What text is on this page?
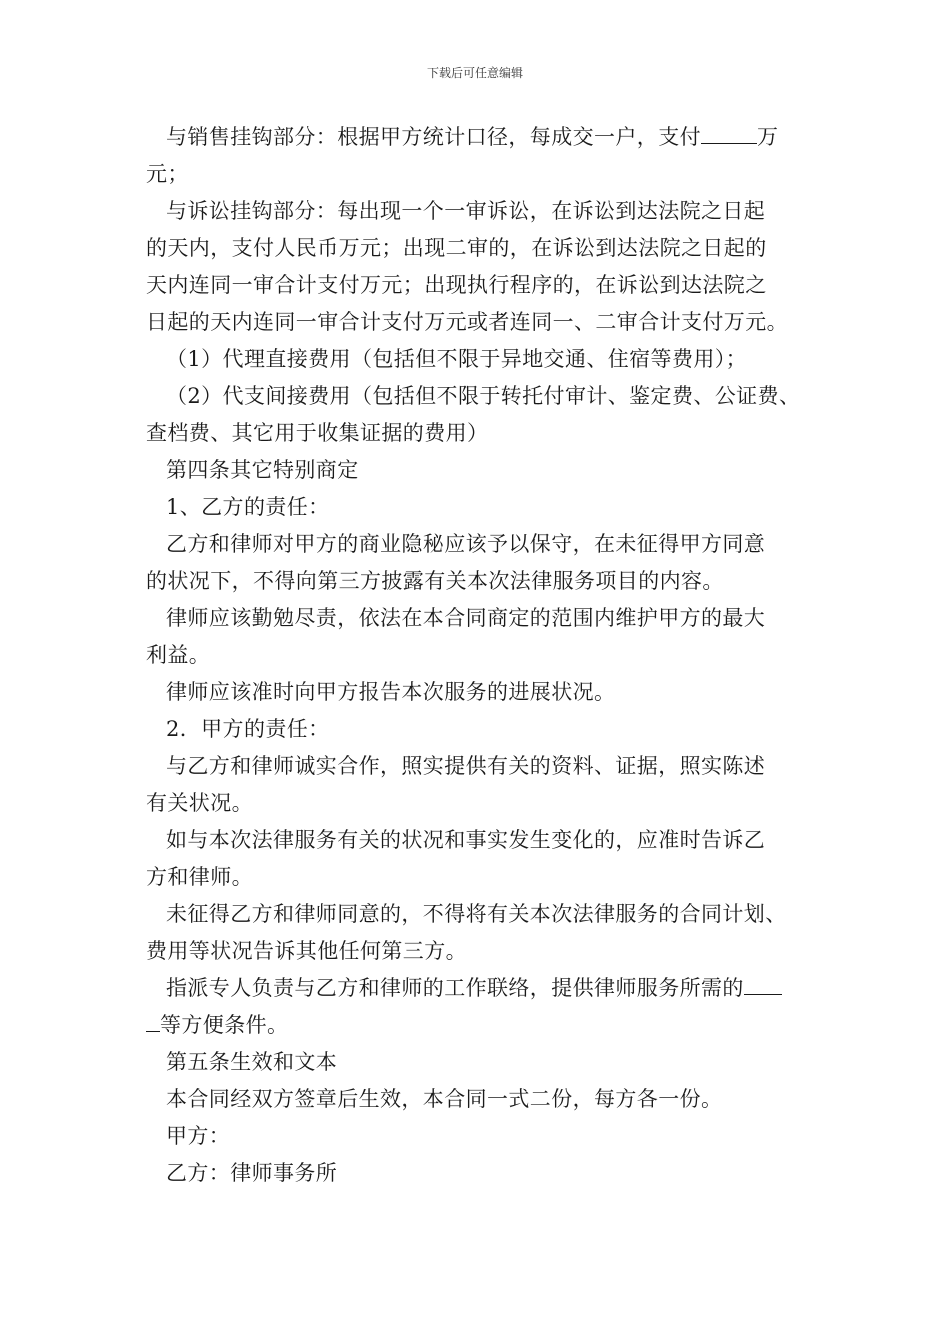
下载后可任意编辑
与销售挂钩部分：根据甲方统计口径，每成交一户，支付	万
元；
与诉讼挂钩部分：每出现一个一审诉讼，在诉讼到达法院之日起
的天内，支付人民币万元；出现二审的，在诉讼到达法院之日起的
天内连同一审合计支付万元；出现执行程序的，在诉讼到达法院之
日起的天内连同一审合计支付万元或者连同一、二审合计支付万元。
（1）代理直接费用（包括但不限于异地交通、住宿等费用）；
（2）代支间接费用（包括但不限于转托付审计、鉴定费、公证费、
查档费、其它用于收集证据的费用）
第四条其它特别商定
1、乙方的责任：
乙方和律师对甲方的商业隐秘应该予以保守，在未征得甲方同意
的状况下，不得向第三方披露有关本次法律服务项目的内容。
律师应该勤勉尽责，依法在本合同商定的范围内维护甲方的最大
利益。
律师应该准时向甲方报告本次服务的进展状况。
2．甲方的责任：
与乙方和律师诚实合作，照实提供有关的资料、证据，照实陈述
有关状况。
如与本次法律服务有关的状况和事实发生变化的，应准时告诉乙
方和律师。
未征得乙方和律师同意的，不得将有关本次法律服务的合同计划、
费用等状况告诉其他任何第三方。
指派专人负责与乙方和律师的工作联络，提供律师服务所需的
等方便条件。
第五条生效和文本
本合同经双方签章后生效，本合同一式二份，每方各一份。
甲方：
乙方：律师事务所
